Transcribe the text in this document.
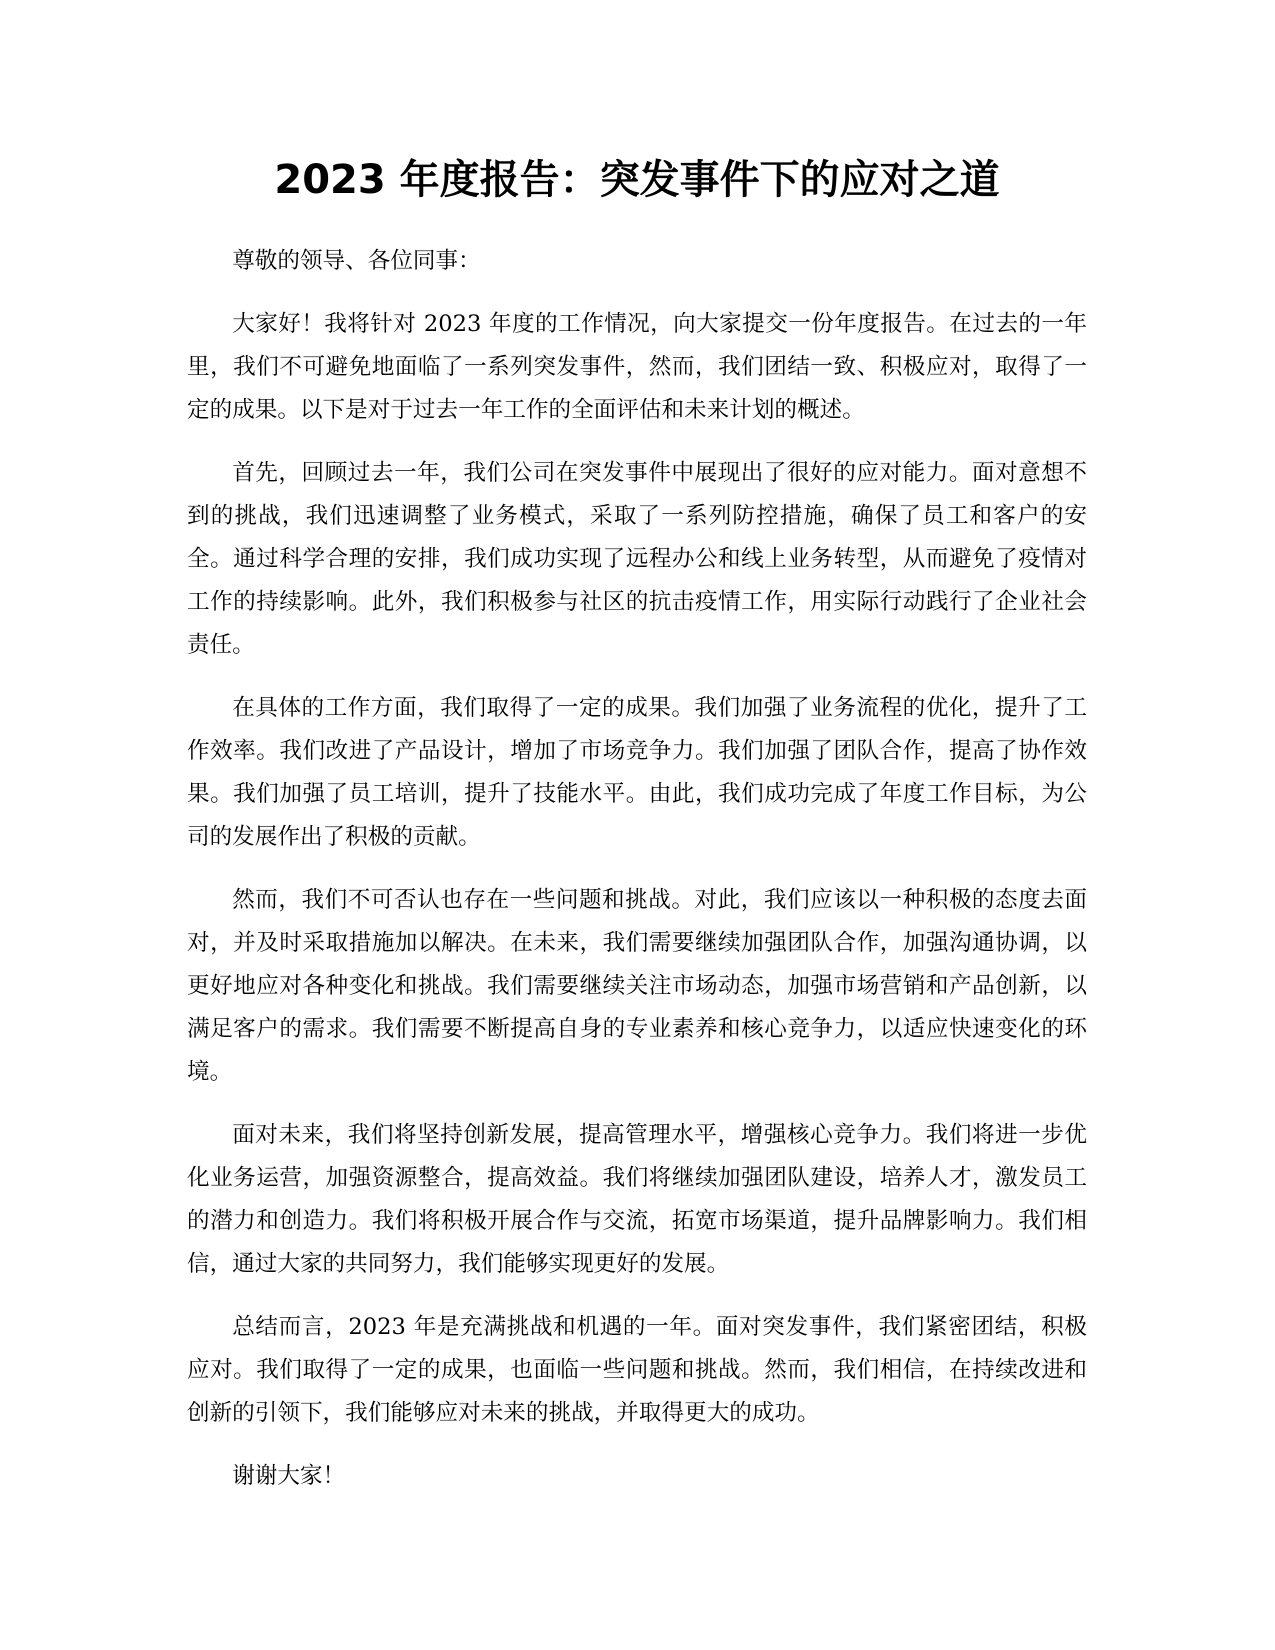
2023 年度报告：突发事件下的应对之道

尊敬的领导、各位同事：

大家好！我将针对 2023 年度的工作情况，向大家提交一份年度报告。在过去的一年里，我们不可避免地面临了一系列突发事件，然而，我们团结一致、积极应对，取得了一定的成果。以下是对于过去一年工作的全面评估和未来计划的概述。

首先，回顾过去一年，我们公司在突发事件中展现出了很好的应对能力。面对意想不到的挑战，我们迅速调整了业务模式，采取了一系列防控措施，确保了员工和客户的安全。通过科学合理的安排，我们成功实现了远程办公和线上业务转型，从而避免了疫情对工作的持续影响。此外，我们积极参与社区的抗击疫情工作，用实际行动践行了企业社会责任。

在具体的工作方面，我们取得了一定的成果。我们加强了业务流程的优化，提升了工作效率。我们改进了产品设计，增加了市场竞争力。我们加强了团队合作，提高了协作效果。我们加强了员工培训，提升了技能水平。由此，我们成功完成了年度工作目标，为公司的发展作出了积极的贡献。

然而，我们不可否认也存在一些问题和挑战。对此，我们应该以一种积极的态度去面对，并及时采取措施加以解决。在未来，我们需要继续加强团队合作，加强沟通协调，以更好地应对各种变化和挑战。我们需要继续关注市场动态，加强市场营销和产品创新，以满足客户的需求。我们需要不断提高自身的专业素养和核心竞争力，以适应快速变化的环境。

面对未来，我们将坚持创新发展，提高管理水平，增强核心竞争力。我们将进一步优化业务运营，加强资源整合，提高效益。我们将继续加强团队建设，培养人才，激发员工的潜力和创造力。我们将积极开展合作与交流，拓宽市场渠道，提升品牌影响力。我们相信，通过大家的共同努力，我们能够实现更好的发展。

总结而言，2023 年是充满挑战和机遇的一年。面对突发事件，我们紧密团结，积极应对。我们取得了一定的成果，也面临一些问题和挑战。然而，我们相信，在持续改进和创新的引领下，我们能够应对未来的挑战，并取得更大的成功。

谢谢大家！
